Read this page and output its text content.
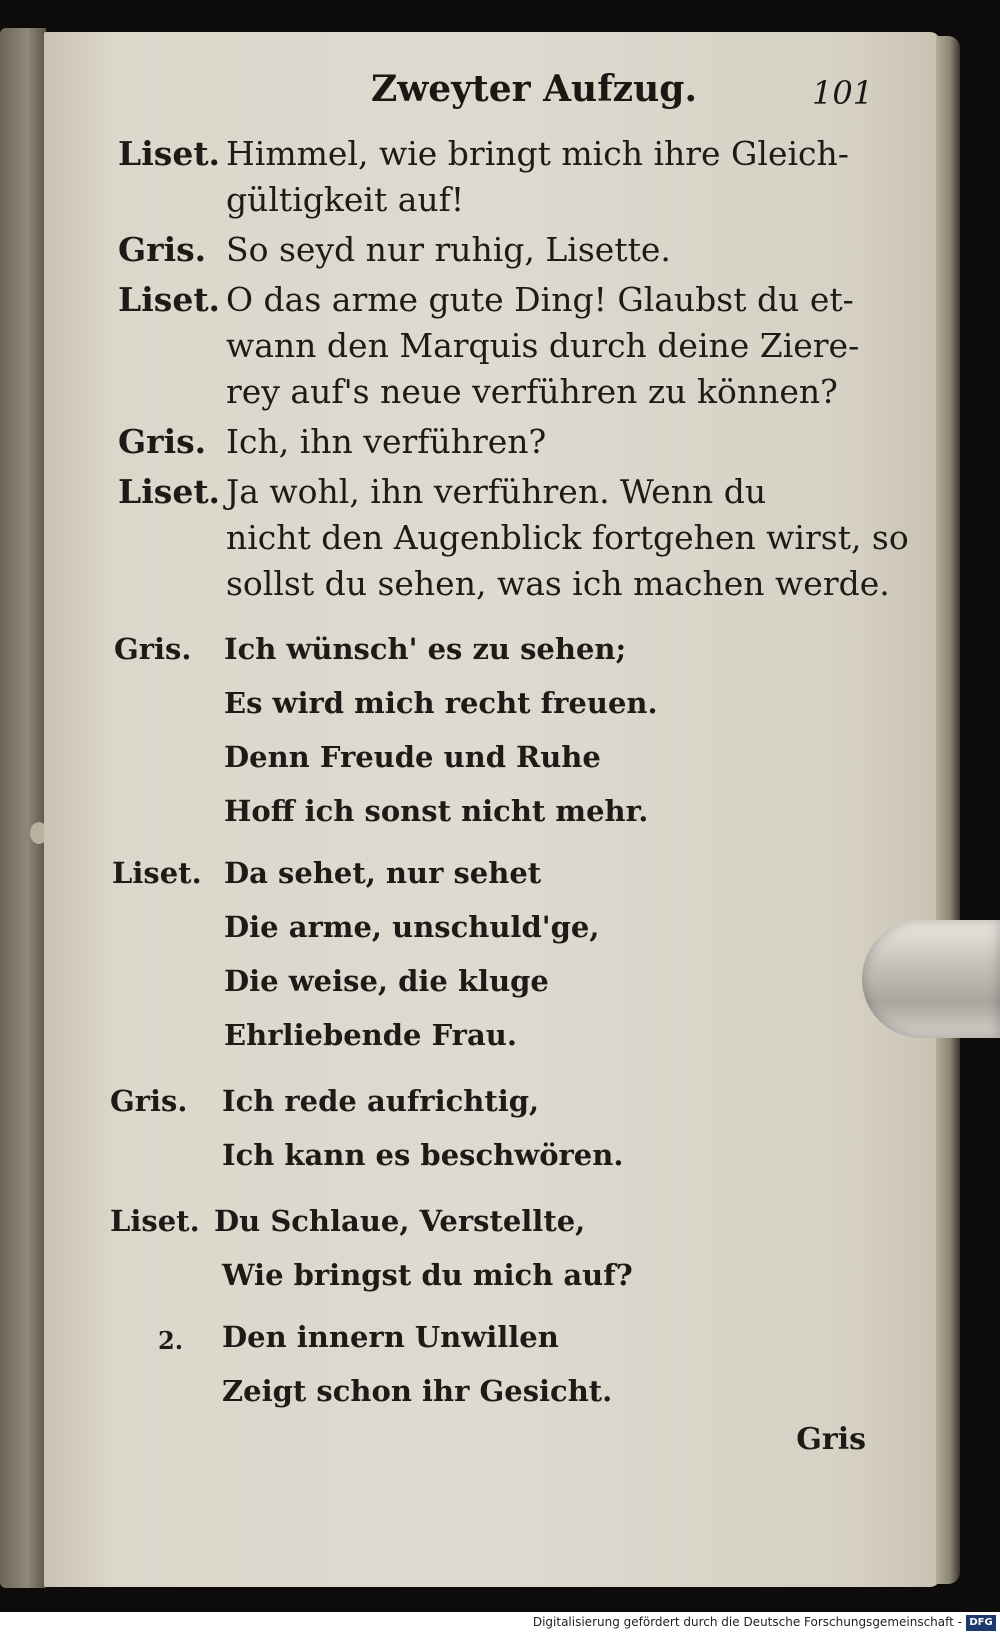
Zweyter Aufzug.	101
Liset. Himmel, wie bringt mich ihre Gleich-
gültigkeit auf!
Gris. So seyd nur ruhig, Lisette.
Liset. O das arme gute Ding! Glaubst du et-
wann den Marquis durch deine Ziere-
rey auf's neue verführen zu können?
Gris. Ich, ihn verführen?
Liset. Ja wohl, ihn verführen. Wenn du
nicht den Augenblick fortgehen wirst, so
sollst du sehen, was ich machen werde.
Gris. Ich wünsch' es zu sehen;
Es wird mich recht freuen.
Denn Freude und Ruhe
Hoff ich sonst nicht mehr.
Liset. Da sehet, nur sehet
Die arme, unschuld'ge,
Die weise, die kluge
Ehrliebende Frau.
Gris. Ich rede aufrichtig,
Ich kann es beschwören.
Liset. Du Schlaue, Verstellte,
Wie bringst du mich auf?
2. Den innern Unwillen
Zeigt schon ihr Gesicht.
Gris
Digitalisierung gefördert durch die Deutsche Forschungsgemeinschaft - DFG
